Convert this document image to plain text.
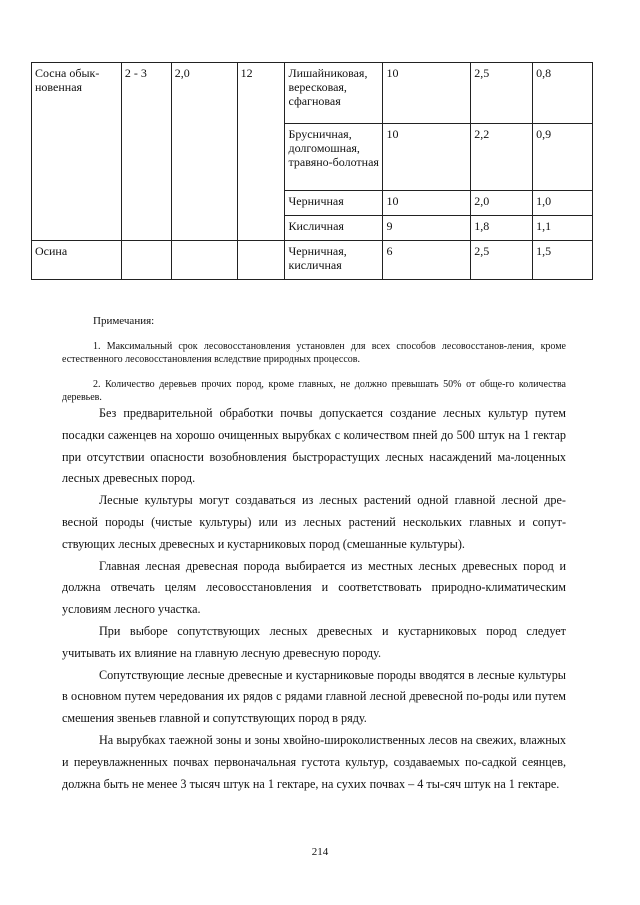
Сосна обык-новенная	2 - 3	2,0	12	Лишайниковая, вересковая, сфагновая	10	2,5	0,8
				Брусничная, долгомошная, травяно-болотная	10	2,2	0,9
				Черничная	10	2,0	1,0
				Кисличная	9	1,8	1,1
Осина				Черничная, кисличная	6	2,5	1,5
Примечания:

1. Максимальный срок лесовосстановления установлен для всех способов лесовосстанов-ления, кроме естественного лесовосстановления вследствие природных процессов.

2. Количество деревьев прочих пород, кроме главных, не должно превышать 50% от обще-го количества деревьев.

Без предварительной обработки почвы допускается создание лесных культур путем посадки саженцев на хорошо очищенных вырубках с количеством пней до 500 штук на 1 гектар при отсутствии опасности возобновления быстрорастущих лесных насаждений ма-лоценных лесных древесных пород.

Лесные культуры могут создаваться из лесных растений одной главной лесной дре-весной породы (чистые культуры) или из лесных растений нескольких главных и сопут-ствующих лесных древесных и кустарниковых пород (смешанные культуры).

Главная лесная древесная порода выбирается из местных лесных древесных пород и должна отвечать целям лесовосстановления и соответствовать природно-климатическим условиям лесного участка.

При выборе сопутствующих лесных древесных и кустарниковых пород следует учитывать их влияние на главную лесную древесную породу.

Сопутствующие лесные древесные и кустарниковые породы вводятся в лесные культуры в основном путем чередования их рядов с рядами главной лесной древесной по-роды или путем смешения звеньев главной и сопутствующих пород в ряду.

На вырубках таежной зоны и зоны хвойно-широколиственных лесов на свежих, влажных и переувлажненных почвах первоначальная густота культур, создаваемых по-садкой сеянцев, должна быть не менее 3 тысяч штук на 1 гектаре, на сухих почвах – 4 ты-сяч штук на 1 гектаре.

214
